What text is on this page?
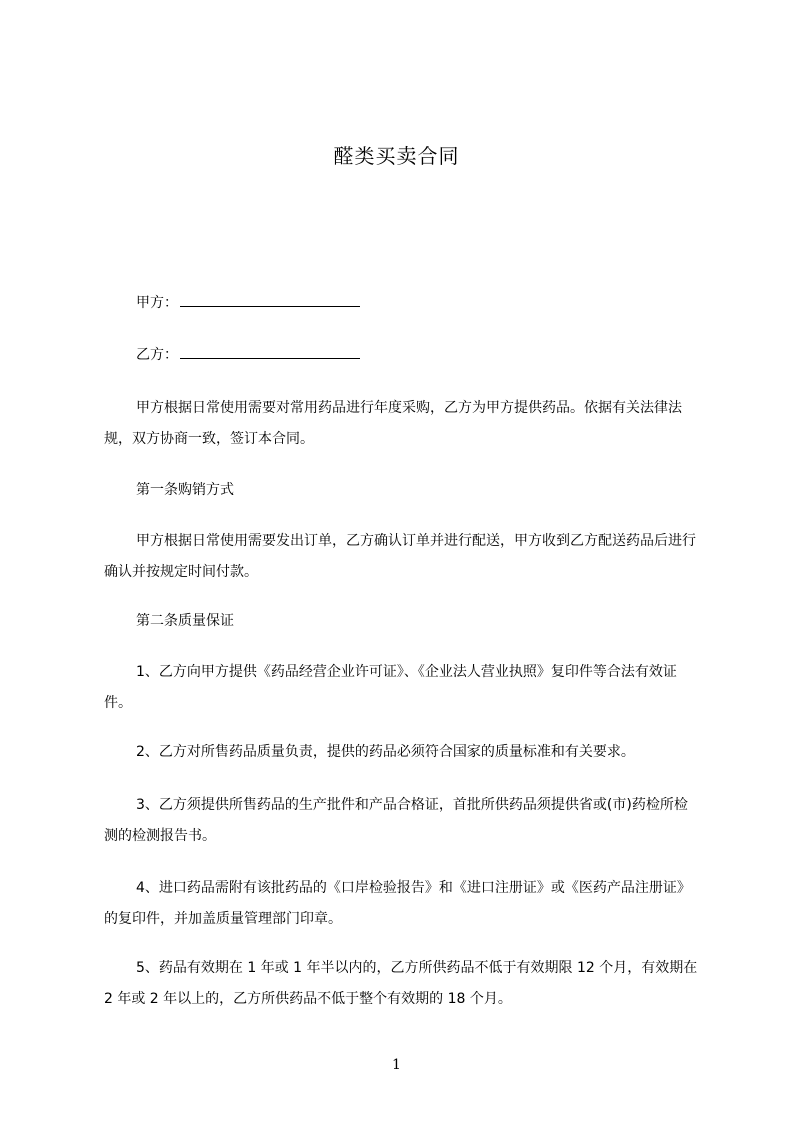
醛类买卖合同
甲方：
乙方：

甲方根据日常使用需要对常用药品进行年度采购，乙方为甲方提供药品。依据有关法律法规，双方协商一致，签订本合同。

第一条购销方式

甲方根据日常使用需要发出订单，乙方确认订单并进行配送，甲方收到乙方配送药品后进行确认并按规定时间付款。

第二条质量保证

1、乙方向甲方提供《药品经营企业许可证》、《企业法人营业执照》复印件等合法有效证件。

2、乙方对所售药品质量负责，提供的药品必须符合国家的质量标准和有关要求。

3、乙方须提供所售药品的生产批件和产品合格证，首批所供药品须提供省或(市)药检所检测的检测报告书。

4、进口药品需附有该批药品的《口岸检验报告》和《进口注册证》或《医药产品注册证》的复印件，并加盖质量管理部门印章。

5、药品有效期在 1 年或 1 年半以内的，乙方所供药品不低于有效期限 12 个月，有效期在 2 年或 2 年以上的，乙方所供药品不低于整个有效期的 18 个月。

1
